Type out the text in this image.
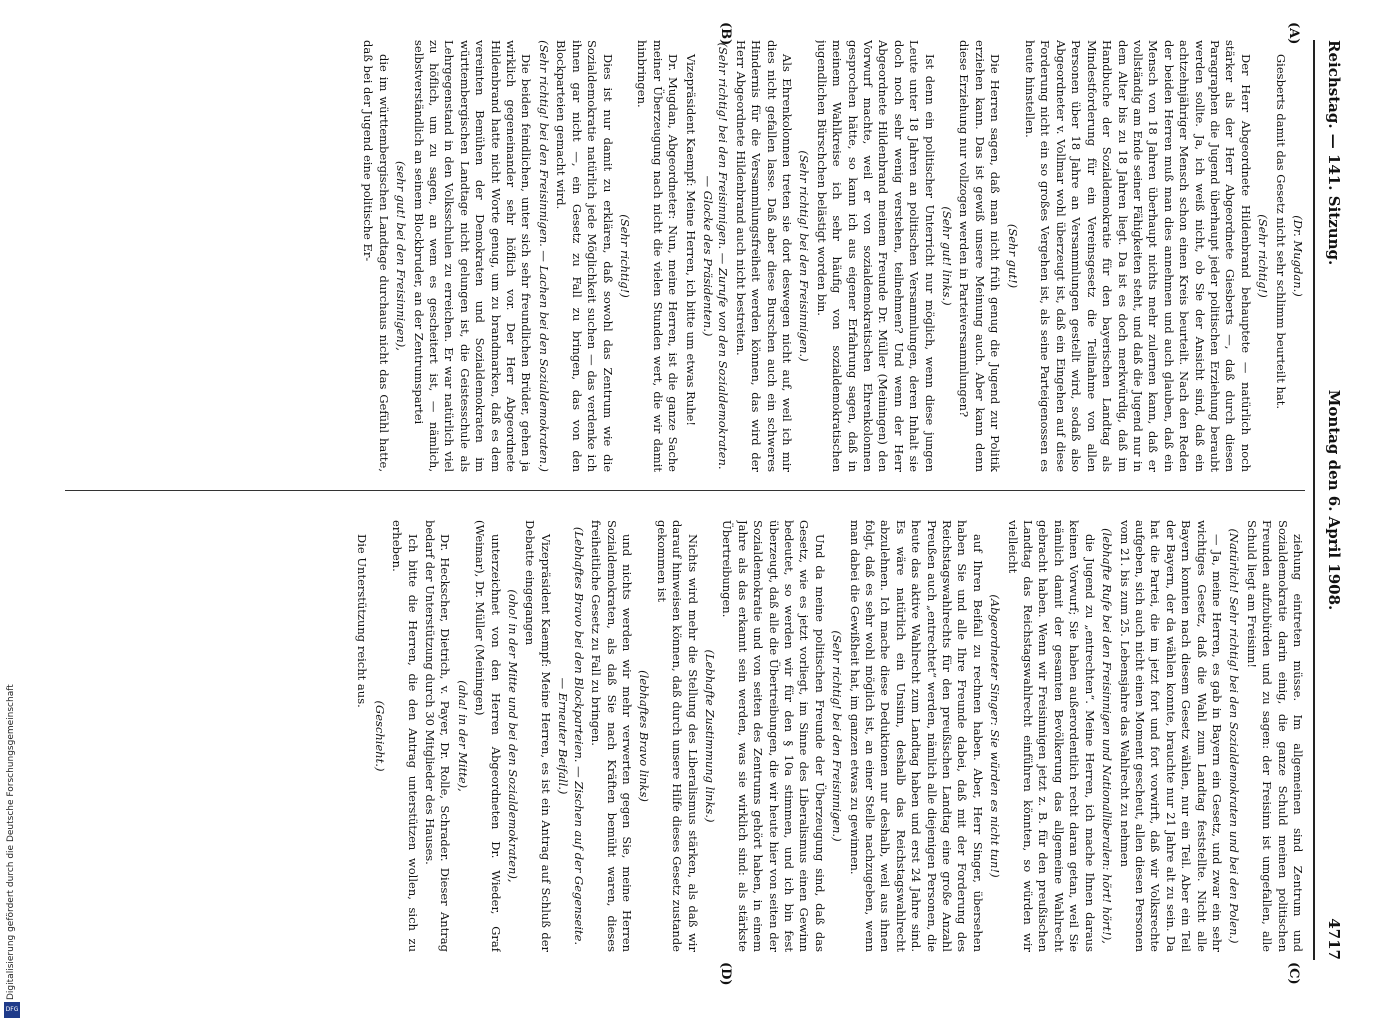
Reichstag. — 141. Sitzung.
Montag den 6. April 1908.
4717
(A)
(B)
(C)
(D)

(Dr. Mugdan.)

Giesberts damit das Gesetz nicht sehr schlimm beurteilt hat.

(Sehr richtig!)

Der Herr Abgeordnete Hildenbrand behauptete — natürlich noch stärker als der Herr Abgeordnete Giesberts —, daß durch diesen Paragraphen die Jugend überhaupt jeder politischen Erziehung beraubt werden sollte. Ja, ich weiß nicht, ob Sie der Ansicht sind, daß ein achtzehnjähriger Mensch schon einen Kreis beurteilt. Nach den Reden der beiden Herren muß man dies annehmen und auch glauben, daß ein Mensch von 18 Jahren überhaupt nichts mehr zulernen kann, daß er vollständig am Ende seiner Fähigkeiten steht, und daß die Jugend nur in dem Alter bis zu 18 Jahren liegt. Da ist es doch merkwürdig, daß im Handbuche der Sozialdemokratie für den bayerischen Landtag als Mindestforderung für ein Vereinsgesetz die Teilnahme von allen Personen über 18 Jahre an Versammlungen gestellt wird, sodaß also Abgeordneter v. Vollmar wohl überzeugt ist, daß ein Eingehen auf diese Forderung nicht ein so großes Vergehen ist, als seine Parteigenossen es heute hinstellen.

(Sehr gut!)

Die Herren sagen, daß man nicht früh genug die Jugend zur Politik erziehen kann. Das ist gewiß unsere Meinung auch. Aber kann denn diese Erziehung nur vollzogen werden in Parteiversammlungen?

(Sehr gut! links.)

Ist denn ein politischer Unterricht nur möglich, wenn diese jungen Leute unter 18 Jahren an politischen Versammlungen, deren Inhalt sie doch noch sehr wenig verstehen, teilnehmen? Und wenn der Herr Abgeordnete Hildenbrand meinem Freunde Dr. Müller (Meiningen) den Vorwurf machte, weil er von sozialdemokratischen Ehrenkolonnen gesprochen hätte, so kann ich aus eigener Erfahrung sagen, daß in meinem Wahlkreise ich sehr häufig von sozialdemokratischen jugendlichen Bürschchen belästigt worden bin.

(Sehr richtig! bei den Freisinnigen.)

Als Ehrenkolonnen treten sie dort deswegen nicht auf, weil ich mir dies nicht gefallen lasse. Daß aber diese Burschen auch ein schweres Hindernis für die Versammlungsfreiheit werden können, das wird der Herr Abgeordnete Hildenbrand auch nicht bestreiten.

(Sehr richtig! bei den Freisinnigen. — Zurufe von den Sozialdemokraten. — Glocke des Präsidenten.)

Vizepräsident Kaempf: Meine Herren, ich bitte um etwas Ruhe!

Dr. Mugdan, Abgeordneter: Nun, meine Herren, ist die ganze Sache meiner Überzeugung nach nicht die vielen Stunden wert, die wir damit hinbringen.

(Sehr richtig!)

Dies ist nur damit zu erklären, daß sowohl das Zentrum wie die Sozialdemokratie natürlich jede Möglichkeit suchen — das verdenke ich ihnen gar nicht —, ein Gesetz zu Fall zu bringen, das von den Blockparteien gemacht wird.

(Sehr richtig! bei den Freisinnigen. — Lachen bei den Sozialdemokraten.)

Die beiden feindlichen, unter sich sehr freundlichen Brüder, gehen ja wirklich gegeneinander sehr höflich vor. Der Herr Abgeordnete Hildenbrand hatte nicht Worte genug, um zu brandmarken, daß es dem vereinten Bemühen der Demokraten und Sozialdemokraten im württembergischen Landtage nicht gelungen ist, die Geistesschule als Lehrgegenstand in den Volksschulen zu erreichen. Er war natürlich viel zu höflich, um zu sagen, an wem es gescheitert ist, — nämlich, selbstverständlich an seinem Blockbruder, an der Zentrumspartei

(sehr gut! bei den Freisinnigen),

die im württembergischen Landtage durchaus nicht das Gefühl hatte, daß bei der Jugend eine politische Er-

ziehung eintreten müsse. Im allgemeinen sind Zentrum und Sozialdemokratie darin einig, die ganze Schuld meinen politischen Freunden aufzubürden und zu sagen: der Freisinn ist umgefallen, alle Schuld liegt am Freisinn!

(Natürlich! Sehr richtig! bei den Sozialdemokraten und bei den Polen.)

— Ja, meine Herren, es gab in Bayern ein Gesetz, und zwar ein sehr wichtiges Gesetz, daß die Wahl zum Landtag feststellte. Nicht alle Bayern konnten nach diesem Gesetz wählen, nur ein Teil. Aber ein Teil der Bayern, der da wählen konnte, brauchte nur 21 Jahre alt zu sein. Da hat die Partei, die im jetzt fort und fort vorwirft, daß wir Volksrechte aufgeben, sich auch nicht einen Moment gescheut, allen diesen Personen vom 21. bis zum 25. Lebensjahre das Wahlrecht zu nehmen

(lebhafte Rufe bei den Freisinnigen und Nationalliberalen: hört! hört!),

die Jugend zu „entrechten“. Meine Herren, ich mache Ihnen daraus keinen Vorwurf; Sie haben außerordentlich recht daran getan, weil Sie nämlich damit der gesamten Bevölkerung das allgemeine Wahlrecht gebracht haben. Wenn wir Freisinnigen jetzt z. B. für den preußischen Landtag das Reichstagswahlrecht einführen könnten, so würden wir vielleicht

(Abgeordneter Singer: Sie würden es nicht tun!)

auf Ihren Beifall zu rechnen haben. Aber, Herr Singer, übersehen haben Sie und alle Ihre Freunde dabei, daß mit der Forderung des Reichstagswahlrechts für den preußischen Landtag eine große Anzahl Preußen auch „entrechtet“ werden, nämlich alle diejenigen Personen, die heute das aktive Wahlrecht zum Landtag haben und erst 24 Jahre sind. Es wäre natürlich ein Unsinn, deshalb das Reichstagswahlrecht abzulehnen. Ich mache diese Deduktionen nur deshalb, weil aus ihnen folgt, daß es sehr wohl möglich ist, an einer Stelle nachzugeben, wenn man dabei die Gewißheit hat, im ganzen etwas zu gewinnen.

(Sehr richtig! bei den Freisinnigen.)

Und da meine politischen Freunde der Überzeugung sind, daß das Gesetz, wie es jetzt vorliegt, im Sinne des Liberalismus einen Gewinn bedeutet, so werden wir für den § 10a stimmen, und ich bin fest überzeugt, daß alle die Übertreibungen, die wir heute hier von seiten der Sozialdemokratie und von seiten des Zentrums gehört haben, in einem Jahre als das erkannt sein werden, was sie wirklich sind: als stärkste Übertreibungen.

(Lebhafte Zustimmung links.)

Nichts wird mehr die Stellung des Liberalismus stärken, als daß wir darauf hinweisen können, daß durch unsere Hilfe dieses Gesetz zustande gekommen ist

(lebhaftes Bravo links)

und nichts werden wir mehr verwerten gegen Sie, meine Herren Sozialdemokraten, als daß Sie nach Kräften bemüht waren, dieses freiheitliche Gesetz zu Fall zu bringen.

(Lebhaftes Bravo bei den Blockparteien. — Zischen auf der Gegenseite. — Erneuter Beifall.)

Vizepräsident Kaempf: Meine Herren, es ist ein Antrag auf Schluß der Debatte eingegangen

(oho! in der Mitte und bei den Sozialdemokraten),

unterzeichnet von den Herren Abgeordneten Dr. Wieder, Graf (Weimar), Dr. Müller (Meiningen)

(aha! in der Mitte),

Dr. Heckscher, Dietrich, v. Payer, Dr. Rolle, Schrader. Dieser Antrag bedarf der Unterstützung durch 30 Mitglieder des Hauses.

Ich bitte die Herren, die den Antrag unterstützen wollen, sich zu erheben.

(Geschieht.)

Die Unterstützung reicht aus.

Digitalisierung gefördert durch die Deutsche Forschungsgemeinschaft
DFG
